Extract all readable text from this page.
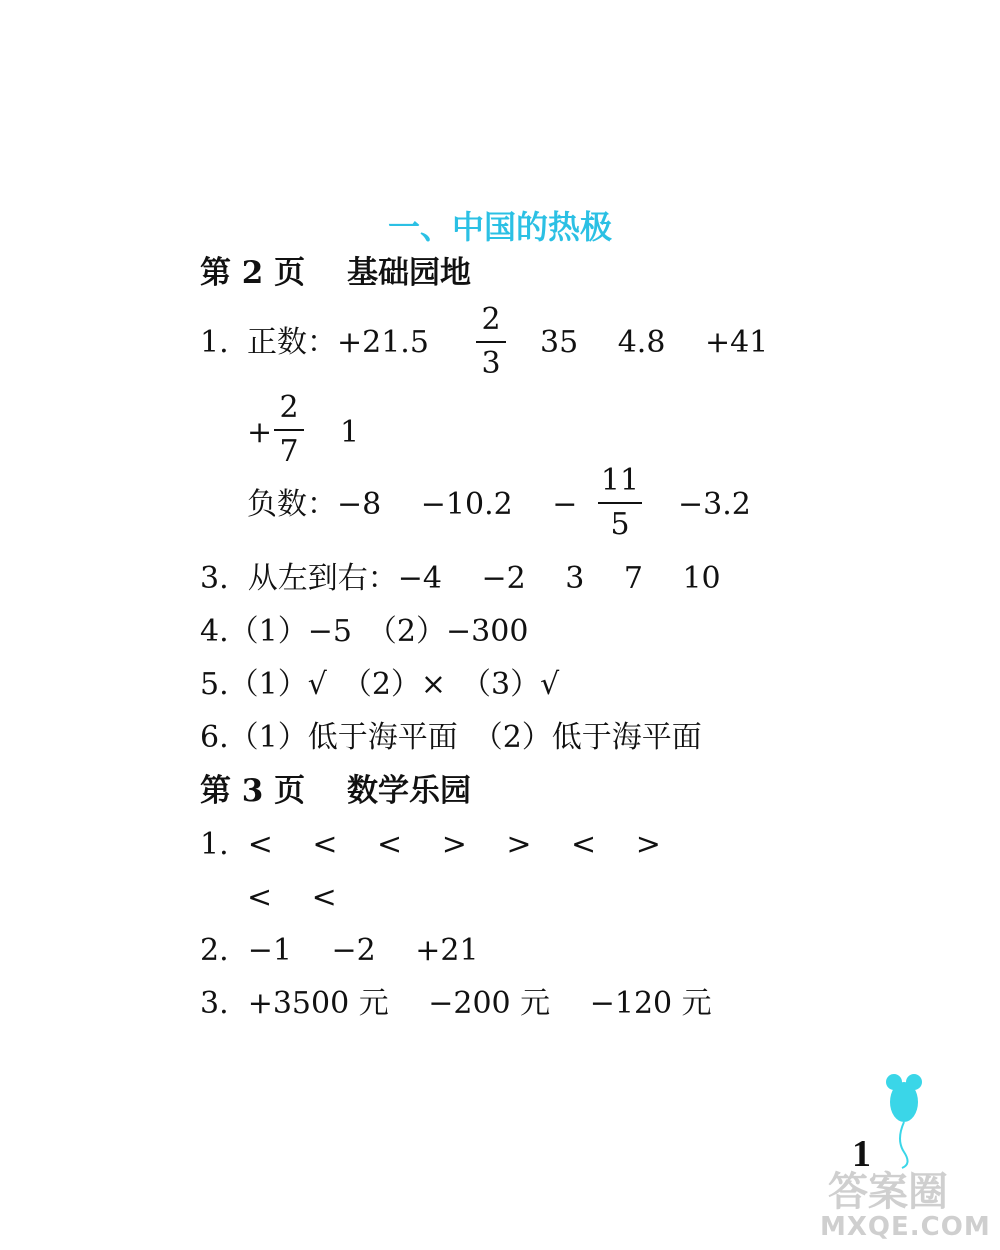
一、中国的热极
第 2 页　 基础园地
1. 正数：+21.5
2
3
35　 4.8　 +41
+
2
7
1
负数：−8　 −10.2　 −
11
5
−3.2
3.  从左到右：−4　 −2　 3　 7　 10
4.（1）−5　（2）−300
5.（1）√　（2）×　（3）√
6.（1）低于海平面　（2）低于海平面
第 3 页　 数学乐园
1.  <　 <　 <　 >　 >　 <　 >
<　 <
2.  −1　 −2　 +21
3.  +3500 元　 −200 元　 −120 元
1
答案圈
MXQE.COM
